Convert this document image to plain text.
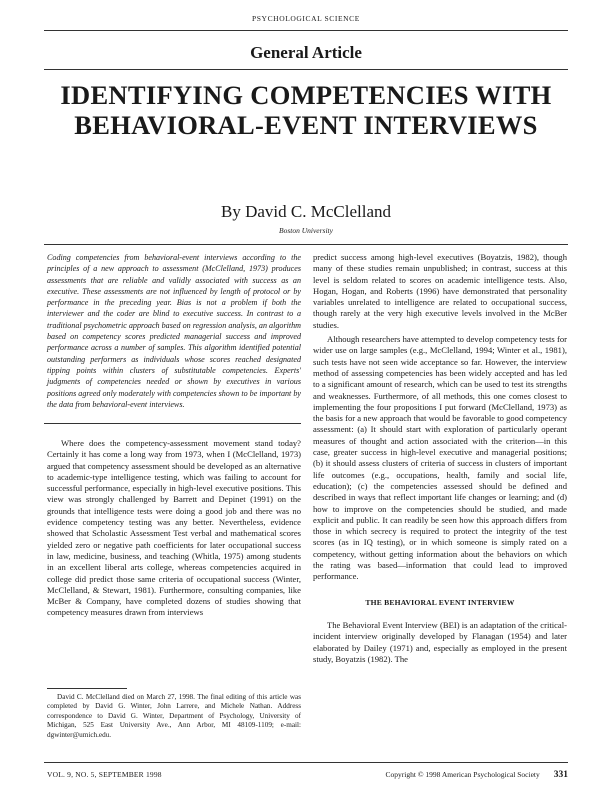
PSYCHOLOGICAL SCIENCE
General Article
IDENTIFYING COMPETENCIES WITH BEHAVIORAL-EVENT INTERVIEWS
By David C. McClelland
Boston University

Coding competencies from behavioral-event interviews according to the principles of a new approach to assessment (McClelland, 1973) produces assessments that are reliable and validly associated with success as an executive. These assessments are not influenced by length of protocol or by performance in the preceding year. Bias is not a problem if both the interviewer and the coder are blind to executive success. In contrast to a traditional psychometric approach based on regression analysis, an algorithm based on competency scores predicted managerial success and improved performance across a number of samples. This algorithm identified potential outstanding performers as individuals whose scores reached designated tipping points within clusters of substitutable competencies. Experts' judgments of competencies needed or shown by executives in various positions agreed only moderately with competencies shown to be important by the data from behavioral-event interviews.

Where does the competency-assessment movement stand today? Certainly it has come a long way from 1973, when I (McClelland, 1973) argued that competency assessment should be developed as an alternative to academic-type intelligence testing, which was failing to account for successful performance, especially in high-level executive positions. This view was strongly challenged by Barrett and Depinet (1991) on the grounds that intelligence tests were doing a good job and there was no evidence competency testing was any better. Nevertheless, evidence showed that Scholastic Assessment Test verbal and mathematical scores yielded zero or negative path coefficients for later occupational success in law, medicine, business, and teaching (Whitla, 1975) among students in an excellent liberal arts college, whereas competencies acquired in college did predict those same criteria of occupational success (Winter, McClelland, & Stewart, 1981). Furthermore, consulting companies, like McBer & Company, have completed dozens of studies showing that competency measures drawn from interviews

predict success among high-level executives (Boyatzis, 1982), though many of these studies remain unpublished; in contrast, success at this level is seldom related to scores on academic intelligence tests. Also, Hogan, Hogan, and Roberts (1996) have demonstrated that personality variables unrelated to intelligence are related to occupational success, though rarely at the very high executive levels involved in the McBer studies.

Although researchers have attempted to develop competency tests for wider use on large samples (e.g., McClelland, 1994; Winter et al., 1981), such tests have not seen wide acceptance so far. However, the interview method of assessing competencies has been widely accepted and has led to a significant amount of research, which can be used to test its strengths and weaknesses. Furthermore, of all methods, this one comes closest to implementing the four propositions I put forward (McClelland, 1973) as the basis for a new approach that would be favorable to good competency assessment: (a) It should start with exploration of particularly operant measures of thought and action associated with the criterion—in this case, greater success in high-level executive and managerial positions; (b) it should assess clusters of criteria of success in clusters of important life outcomes (e.g., occupations, health, family and social life, education); (c) the competencies assessed should be defined and described in ways that reflect important life changes or learning; and (d) how to improve on the competencies should be studied, and made explicit and public. It can readily be seen how this approach differs from those in which secrecy is required to protect the integrity of the test scores (as in IQ testing), or in which someone is simply rated on a competency, without getting information about the behaviors on which the rating was based—information that could lead to improved performance.

THE BEHAVIORAL EVENT INTERVIEW

The Behavioral Event Interview (BEI) is an adaptation of the critical-incident interview originally developed by Flanagan (1954) and later elaborated by Dailey (1971) and, especially as employed in the present study, Boyatzis (1982). The

David C. McClelland died on March 27, 1998. The final editing of this article was completed by David G. Winter, John Larrere, and Michele Nathan. Address correspondence to David G. Winter, Department of Psychology, University of Michigan, 525 East University Ave., Ann Arbor, MI 48109-1109; e-mail: dgwinter@umich.edu.

VOL. 9, NO. 5, SEPTEMBER 1998	Copyright © 1998 American Psychological Society 331
